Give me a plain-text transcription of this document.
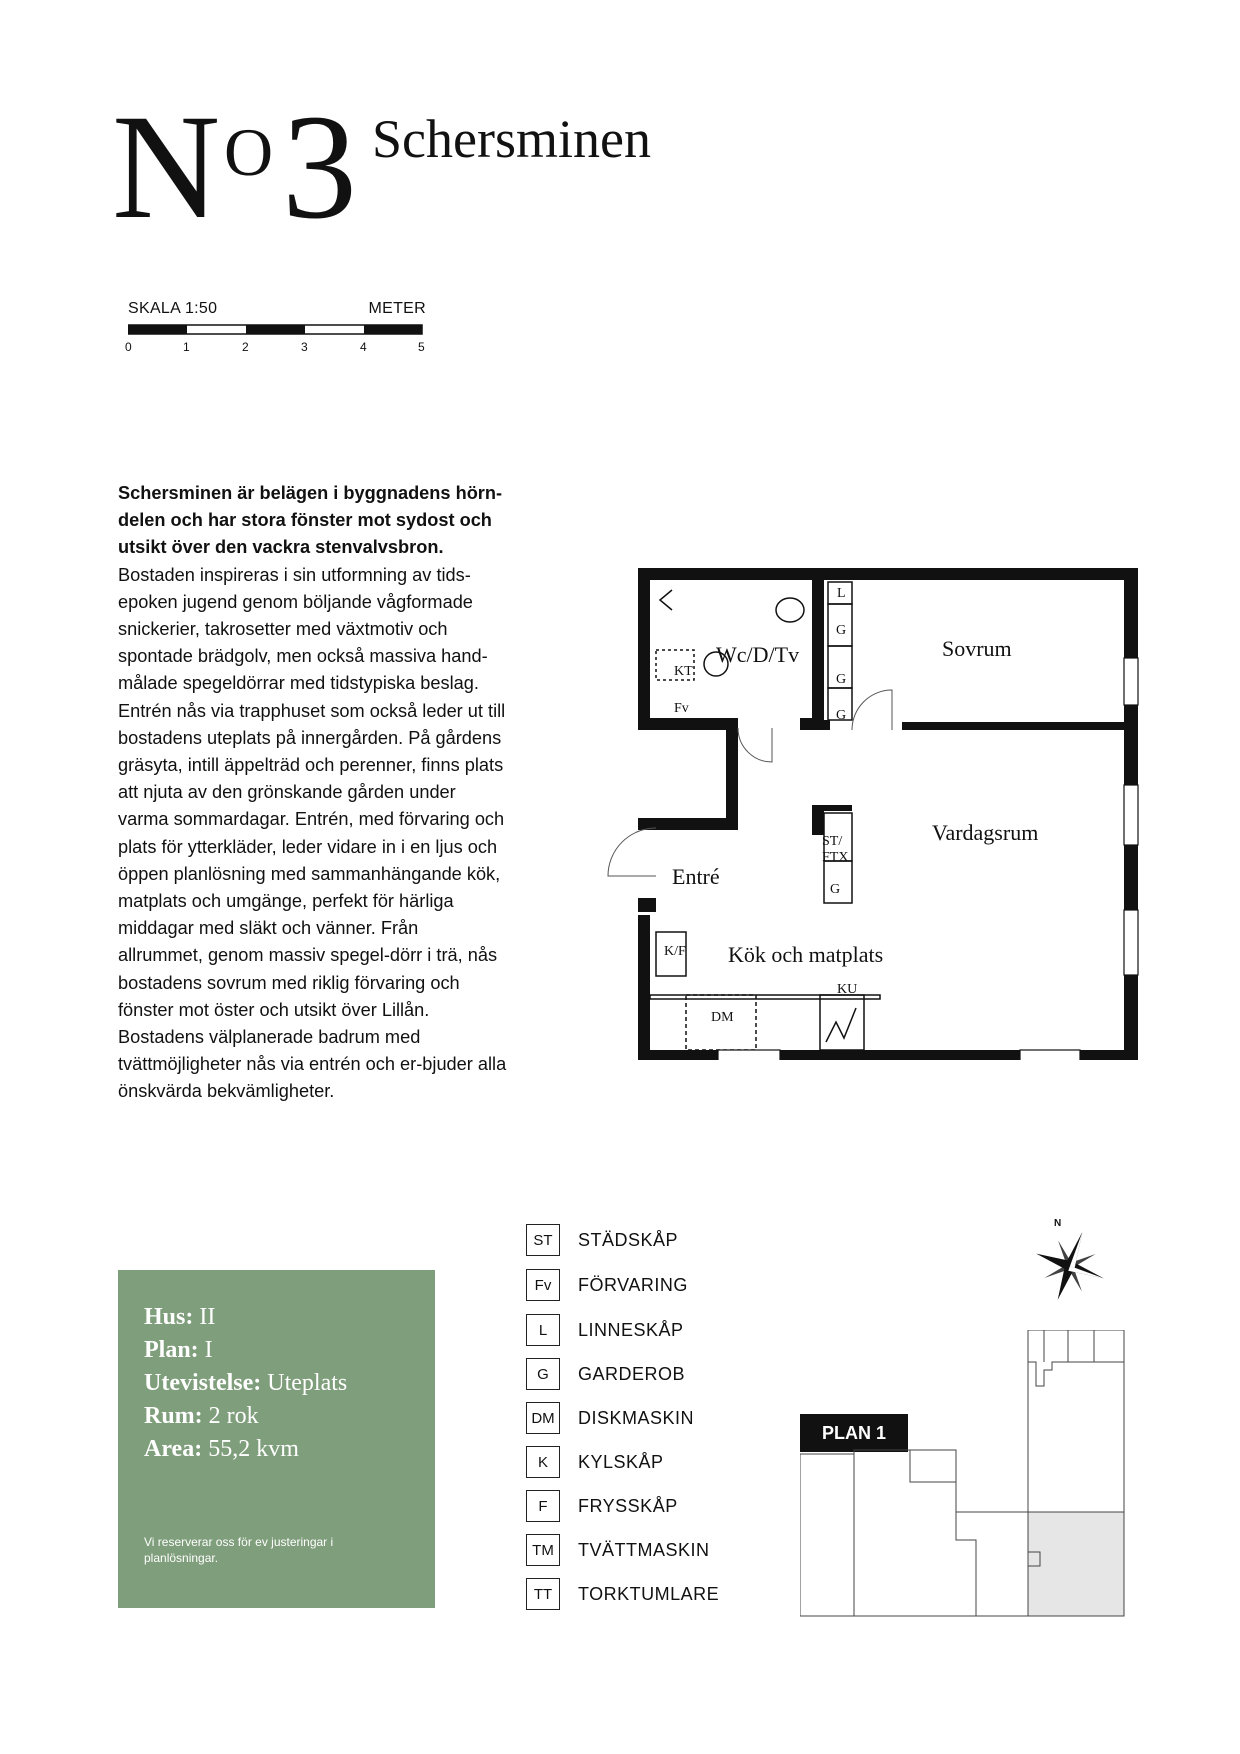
N O 3 Schersminen
SKALA 1:50	METER
0	1	2	3	4	5
Schersminen är belägen i byggnadens hörn-delen och har stora fönster mot sydost och utsikt över den vackra stenvalvsbron.
Bostaden inspireras i sin utformning av tids-epoken jugend genom böljande vågformade snickerier, takrosetter med växtmotiv och spontade brädgolv, men också massiva hand-målade spegeldörrar med tidstypiska beslag. Entrén nås via trapphuset som också leder ut till bostadens uteplats på innergården. På gårdens gräsyta, intill äppelträd och perenner, finns plats att njuta av den grönskande gården under varma sommardagar. Entrén, med förvaring och plats för ytterkläder, leder vidare in i en ljus och öppen planlösning med sammanhängande kök, matplats och umgänge, perfekt för härliga middagar med släkt och vänner. Från allrummet, genom massiv spegel-dörr i trä, nås bostadens sovrum med riklig förvaring och fönster mot öster och utsikt över Lillån. Bostadens välplanerade badrum med tvättmöjligheter nås via entrén och er-bjuder alla önskvärda bekvämligheter.
Wc/D/Tv	Sovrum
Vardagsrum
Entré
Kök och matplats
L
G
G
G
KT
Fv
ST/
FTX
G
K/F
DM
KU
ST	STÄDSKÅP
Fv	FÖRVARING
L	LINNESKÅP
G	GARDEROB
DM DISKMASKIN
K	KYLSKÅP
F	FRYSSKÅP
TM	TVÄTTMASKIN
TT	TORKTUMLARE
Hus: II
Plan: I
Utevistelse: Uteplats
Rum: 2 rok
Area: 55,2 kvm
Vi reserverar oss för ev justeringar i planlösningar.
N
PLAN 1
